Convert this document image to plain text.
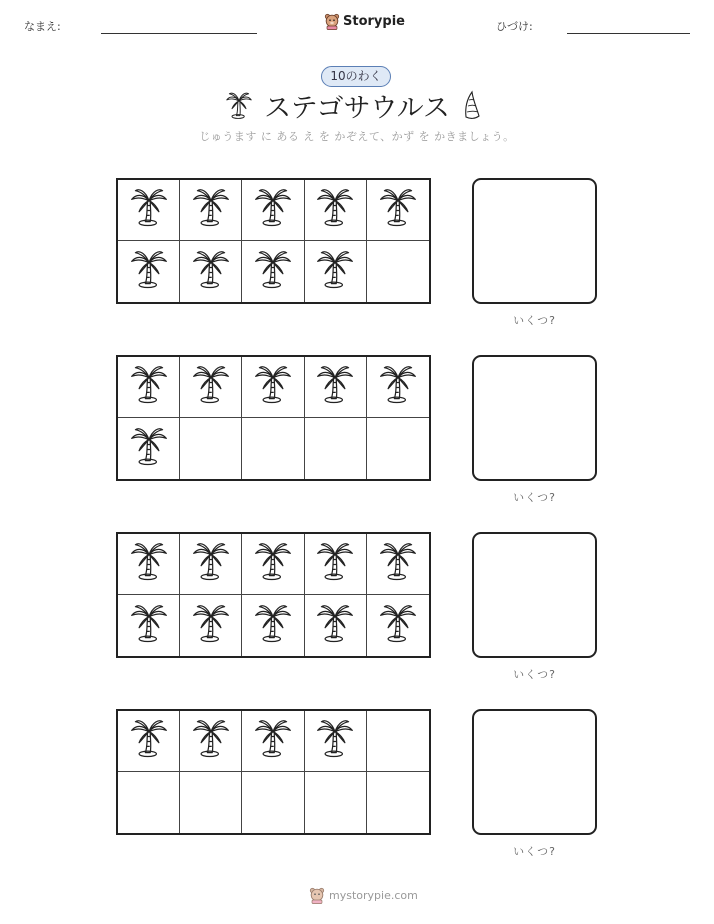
なまえ:	Storypie	ひづけ:
10のわく
ステゴサウルス
じゅうます に ある え を かぞえて、かず を かきましょう。
いくつ?
いくつ?
いくつ?
いくつ?
mystorypie.com
